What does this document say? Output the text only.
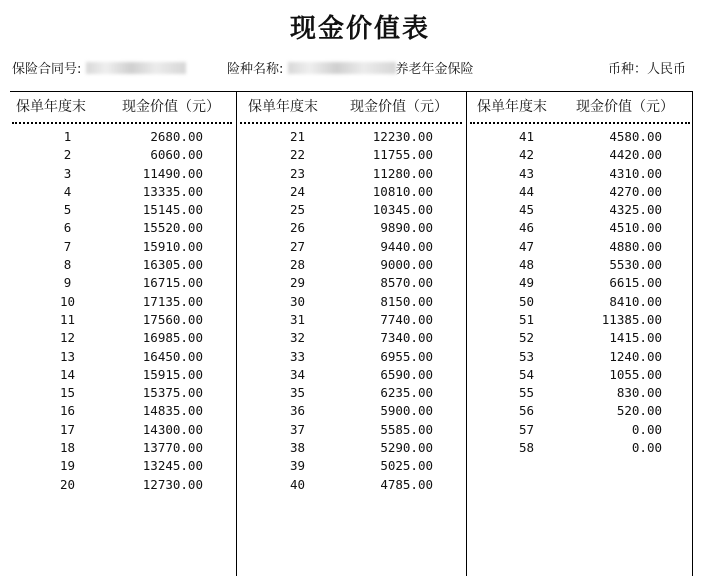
现金价值表
保险合同号:	险种名称:	养老年金保险	币种：人民币
保单年度末	现金价值（元） 保单年度末 现金价值（元） 保单年度末 现金价值（元）
1	2680.00
2	6060.00
3	11490.00
4	13335.00
5	15145.00
6	15520.00
7	15910.00
8	16305.00
9	16715.00
10	17135.00
11	17560.00
12	16985.00
13	16450.00
14	15915.00
15	15375.00
16	14835.00
17	14300.00
18	13770.00
19	13245.00
20	12730.00
21	12230.00
22	11755.00
23	11280.00
24	10810.00
25	10345.00
26	9890.00
27	9440.00
28	9000.00
29	8570.00
30	8150.00
31	7740.00
32	7340.00
33	6955.00
34	6590.00
35	6235.00
36	5900.00
37	5585.00
38	5290.00
39	5025.00
40	4785.00
41	4580.00
42	4420.00
43	4310.00
44	4270.00
45	4325.00
46	4510.00
47	4880.00
48	5530.00
49	6615.00
50	8410.00
51	11385.00
52	1415.00
53	1240.00
54	1055.00
55	830.00
56	520.00
57	0.00
58	0.00
